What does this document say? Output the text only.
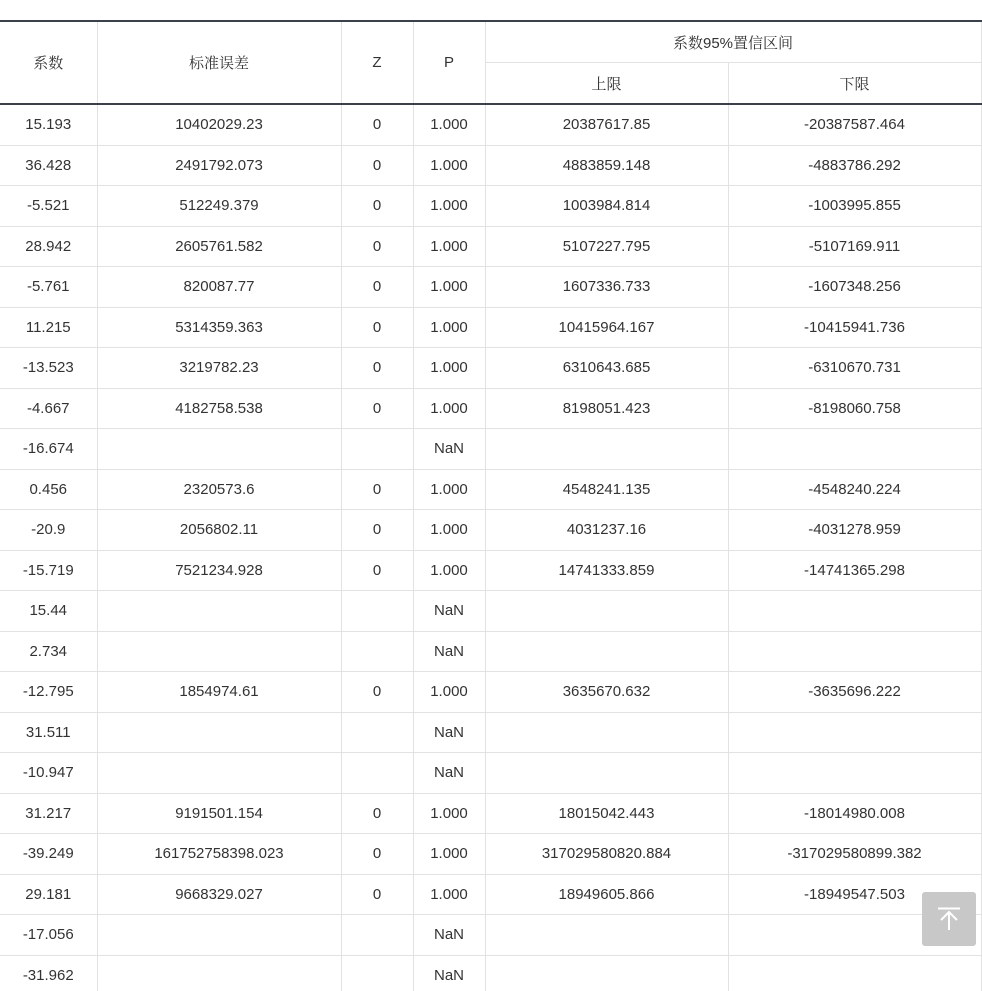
系数	标准误差	Z	P	系数95%置信区间	
				上限	下限
15.193	10402029.23	0	1.000	20387617.85	-20387587.464
36.428	2491792.073	0	1.000	4883859.148	-4883786.292
-5.521	512249.379	0	1.000	1003984.814	-1003995.855
28.942	2605761.582	0	1.000	5107227.795	-5107169.911
-5.761	820087.77	0	1.000	1607336.733	-1607348.256
11.215	5314359.363	0	1.000	10415964.167	-10415941.736
-13.523	3219782.23	0	1.000	6310643.685	-6310670.731
-4.667	4182758.538	0	1.000	8198051.423	-8198060.758
-16.674			NaN		
0.456	2320573.6	0	1.000	4548241.135	-4548240.224
-20.9	2056802.11	0	1.000	4031237.16	-4031278.959
-15.719	7521234.928	0	1.000	14741333.859	-14741365.298
15.44			NaN		
2.734			NaN		
-12.795	1854974.61	0	1.000	3635670.632	-3635696.222
31.511			NaN		
-10.947			NaN		
31.217	9191501.154	0	1.000	18015042.443	-18014980.008
-39.249	161752758398.023	0	1.000	317029580820.884	-317029580899.382
29.181	9668329.027	0	1.000	18949605.866	-18949547.503
-17.056			NaN		
-31.962			NaN		
